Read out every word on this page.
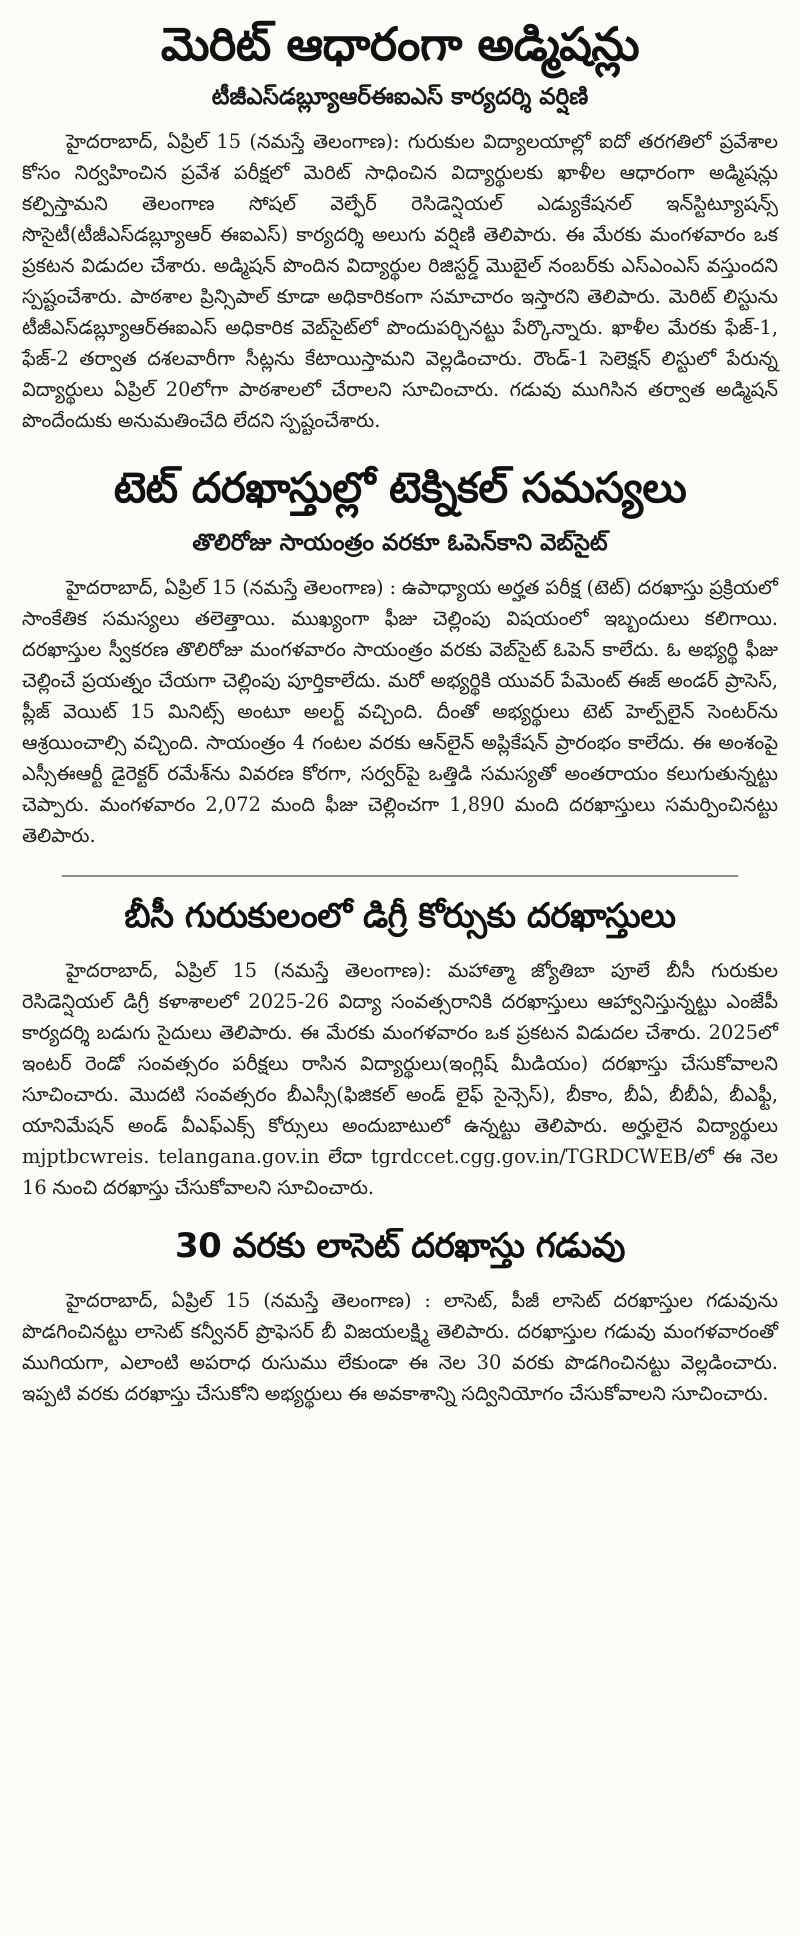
మెరిట్ ఆధారంగా అడ్మిషన్లు
టీజీఎస్‌డబ్ల్యూఆర్ఈఐఎస్ కార్యదర్శి వర్షిణి

హైదరాబాద్, ఏప్రిల్ 15 (నమస్తే తెలంగాణ): గురుకుల విద్యాలయాల్లో ఐదో తరగతిలో ప్రవేశాల కోసం నిర్వహించిన ప్రవేశ పరీక్షలో మెరిట్ సాధించిన విద్యార్థులకు ఖాళీల ఆధారంగా అడ్మిషన్లు కల్పిస్తామని తెలంగాణ సోషల్ వెల్ఫేర్ రెసిడెన్షియల్ ఎడ్యుకేషనల్ ఇన్‌స్టిట్యూషన్స్ సొసైటీ(టీజీఎస్‌డబ్ల్యూఆర్ ఈఐఎస్) కార్యదర్శి అలుగు వర్షిణి తెలిపారు. ఈ మేరకు మంగళవారం ఒక ప్రకటన విడుదల చేశారు. అడ్మిషన్ పొందిన విద్యార్థుల రిజిస్టర్డ్ మొబైల్ నంబర్‌కు ఎస్ఎంఎస్ వస్తుందని స్పష్టంచేశారు. పాఠశాల ప్రిన్సిపాల్ కూడా అధికారికంగా సమాచారం ఇస్తారని తెలిపారు. మెరిట్ లిస్టును టీజీఎస్‌డబ్ల్యూఆర్ఈఐఎస్ అధికారిక వెబ్‌సైట్‌లో పొందుపర్చినట్టు పేర్కొన్నారు. ఖాళీల మేరకు ఫేజ్-1, ఫేజ్-2 తర్వాత దశలవారీగా సీట్లను కేటాయిస్తామని వెల్లడించారు. రౌండ్-1 సెలెక్షన్ లిస్టులో పేరున్న విద్యార్థులు ఏప్రిల్ 20లోగా పాఠశాలలో చేరాలని సూచించారు. గడువు ముగిసిన తర్వాత అడ్మిషన్ పొందేందుకు అనుమతించేది లేదని స్పష్టంచేశారు.

టెట్ దరఖాస్తుల్లో టెక్నికల్ సమస్యలు
తొలిరోజు సాయంత్రం వరకూ ఓపెన్‌కాని వెబ్‌సైట్

హైదరాబాద్, ఏప్రిల్ 15 (నమస్తే తెలంగాణ) : ఉపాధ్యాయ అర్హత పరీక్ష (టెట్) దరఖాస్తు ప్రక్రియలో సాంకేతిక సమస్యలు తలెత్తాయి. ముఖ్యంగా ఫీజు చెల్లింపు విషయంలో ఇబ్బందులు కలిగాయి. దరఖాస్తుల స్వీకరణ తొలిరోజు మంగళవారం సాయంత్రం వరకు వెబ్‌సైట్ ఓపెన్ కాలేదు. ఓ అభ్యర్థి ఫీజు చెల్లించే ప్రయత్నం చేయగా చెల్లింపు పూర్తికాలేదు. మరో అభ్యర్థికి యువర్ పేమెంట్ ఈజ్ అండర్ ప్రాసెస్, ప్లీజ్ వెయిట్ 15 మినిట్స్ అంటూ అలర్ట్ వచ్చింది. దీంతో అభ్యర్థులు టెట్ హెల్ప్‌లైన్ సెంటర్‌ను ఆశ్రయించాల్సి వచ్చింది. సాయంత్రం 4 గంటల వరకు ఆన్‌లైన్ అప్లికేషన్ ప్రారంభం కాలేదు. ఈ అంశంపై ఎస్సీఈఆర్టీ డైరెక్టర్ రమేశ్‌ను వివరణ కోరగా, సర్వర్‌పై ఒత్తిడి సమస్యతో అంతరాయం కలుగుతున్నట్టు చెప్పారు. మంగళవారం 2,072 మంది ఫీజు చెల్లించగా 1,890 మంది దరఖాస్తులు సమర్పించినట్టు తెలిపారు.

బీసీ గురుకులంలో డిగ్రీ కోర్సుకు దరఖాస్తులు

హైదరాబాద్, ఏప్రిల్ 15 (నమస్తే తెలంగాణ): మహాత్మా జ్యోతిబా పూలే బీసీ గురుకుల రెసిడెన్షియల్ డిగ్రీ కళాశాలలో 2025-26 విద్యా సంవత్సరానికి దరఖాస్తులు ఆహ్వానిస్తున్నట్టు ఎంజేపీ కార్యదర్శి బడుగు సైదులు తెలిపారు. ఈ మేరకు మంగళవారం ఒక ప్రకటన విడుదల చేశారు. 2025లో ఇంటర్ రెండో సంవత్సరం పరీక్షలు రాసిన విద్యార్థులు(ఇంగ్లిష్ మీడియం) దరఖాస్తు చేసుకోవాలని సూచించారు. మొదటి సంవత్సరం బీఎస్సీ(ఫిజికల్ అండ్ లైఫ్ సైన్సెస్), బీకాం, బీఏ, బీబీఏ, బీఎఫ్టీ, యానిమేషన్ అండ్ వీఎఫ్ఎక్స్ కోర్సులు అందుబాటులో ఉన్నట్టు తెలిపారు. అర్హులైన విద్యార్థులు mjptbcwreis. telangana.gov.in లేదా tgrdccet.cgg.gov.in/TGRDCWEB/లో ఈ నెల 16 నుంచి దరఖాస్తు చేసుకోవాలని సూచించారు.

30 వరకు లాసెట్ దరఖాస్తు గడువు

హైదరాబాద్, ఏప్రిల్ 15 (నమస్తే తెలంగాణ) : లాసెట్, పీజీ లాసెట్ దరఖాస్తుల గడువును పొడగించినట్టు లాసెట్ కన్వీనర్ ప్రొఫెసర్ బీ విజయలక్ష్మి తెలిపారు. దరఖాస్తుల గడువు మంగళవారంతో ముగియగా, ఎలాంటి అపరాధ రుసుము లేకుండా ఈ నెల 30 వరకు పొడగించినట్టు వెల్లడించారు. ఇప్పటి వరకు దరఖాస్తు చేసుకోని అభ్యర్థులు ఈ అవకాశాన్ని సద్వినియోగం చేసుకోవాలని సూచించారు.
